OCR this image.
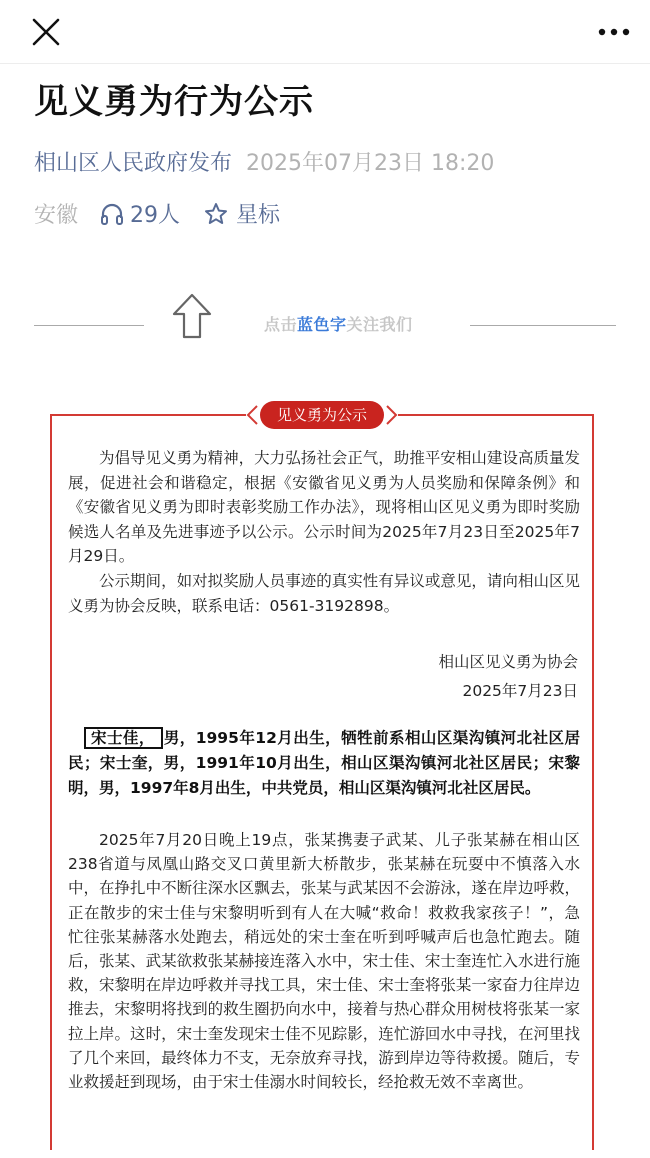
见义勇为行为公示
相山区人民政府发布 2025年07月23日 18:20
安徽 29人	星标
点击蓝色字关注我们
见义勇为公示

为倡导见义勇为精神，大力弘扬社会正气，助推平安相山建设高质量发展，促进社会和谐稳定，根据《安徽省见义勇为人员奖励和保障条例》和《安徽省见义勇为即时表彰奖励工作办法》，现将相山区见义勇为即时奖励候选人名单及先进事迹予以公示。公示时间为2025年7月23日至2025年7月29日。

公示期间，如对拟奖励人员事迹的真实性有异议或意见，请向相山区见义勇为协会反映，联系电话：0561-3192898。

相山区见义勇为协会
2025年7月23日
宋士佳， 男，1995年12月出生，牺牲前系相山区渠沟镇河北社区居民；宋士奎，男，1991年10月出生，相山区渠沟镇河北社区居民；宋黎明，男，1997年8月出生，中共党员，相山区渠沟镇河北社区居民。

2025年7月20日晚上19点，张某携妻子武某、儿子张某赫在相山区238省道与凤凰山路交叉口黄里新大桥散步，张某赫在玩耍中不慎落入水中，在挣扎中不断往深水区飘去，张某与武某因不会游泳，遂在岸边呼救，正在散步的宋士佳与宋黎明听到有人在大喊“救命！救救我家孩子！”，急忙往张某赫落水处跑去，稍远处的宋士奎在听到呼喊声后也急忙跑去。随后，张某、武某欲救张某赫接连落入水中，宋士佳、宋士奎连忙入水进行施救，宋黎明在岸边呼救并寻找工具，宋士佳、宋士奎将张某一家奋力往岸边推去，宋黎明将找到的救生圈扔向水中，接着与热心群众用树枝将张某一家拉上岸。这时，宋士奎发现宋士佳不见踪影，连忙游回水中寻找，在河里找了几个来回，最终体力不支，无奈放弃寻找，游到岸边等待救援。随后，专业救援赶到现场，由于宋士佳溺水时间较长，经抢救无效不幸离世。
